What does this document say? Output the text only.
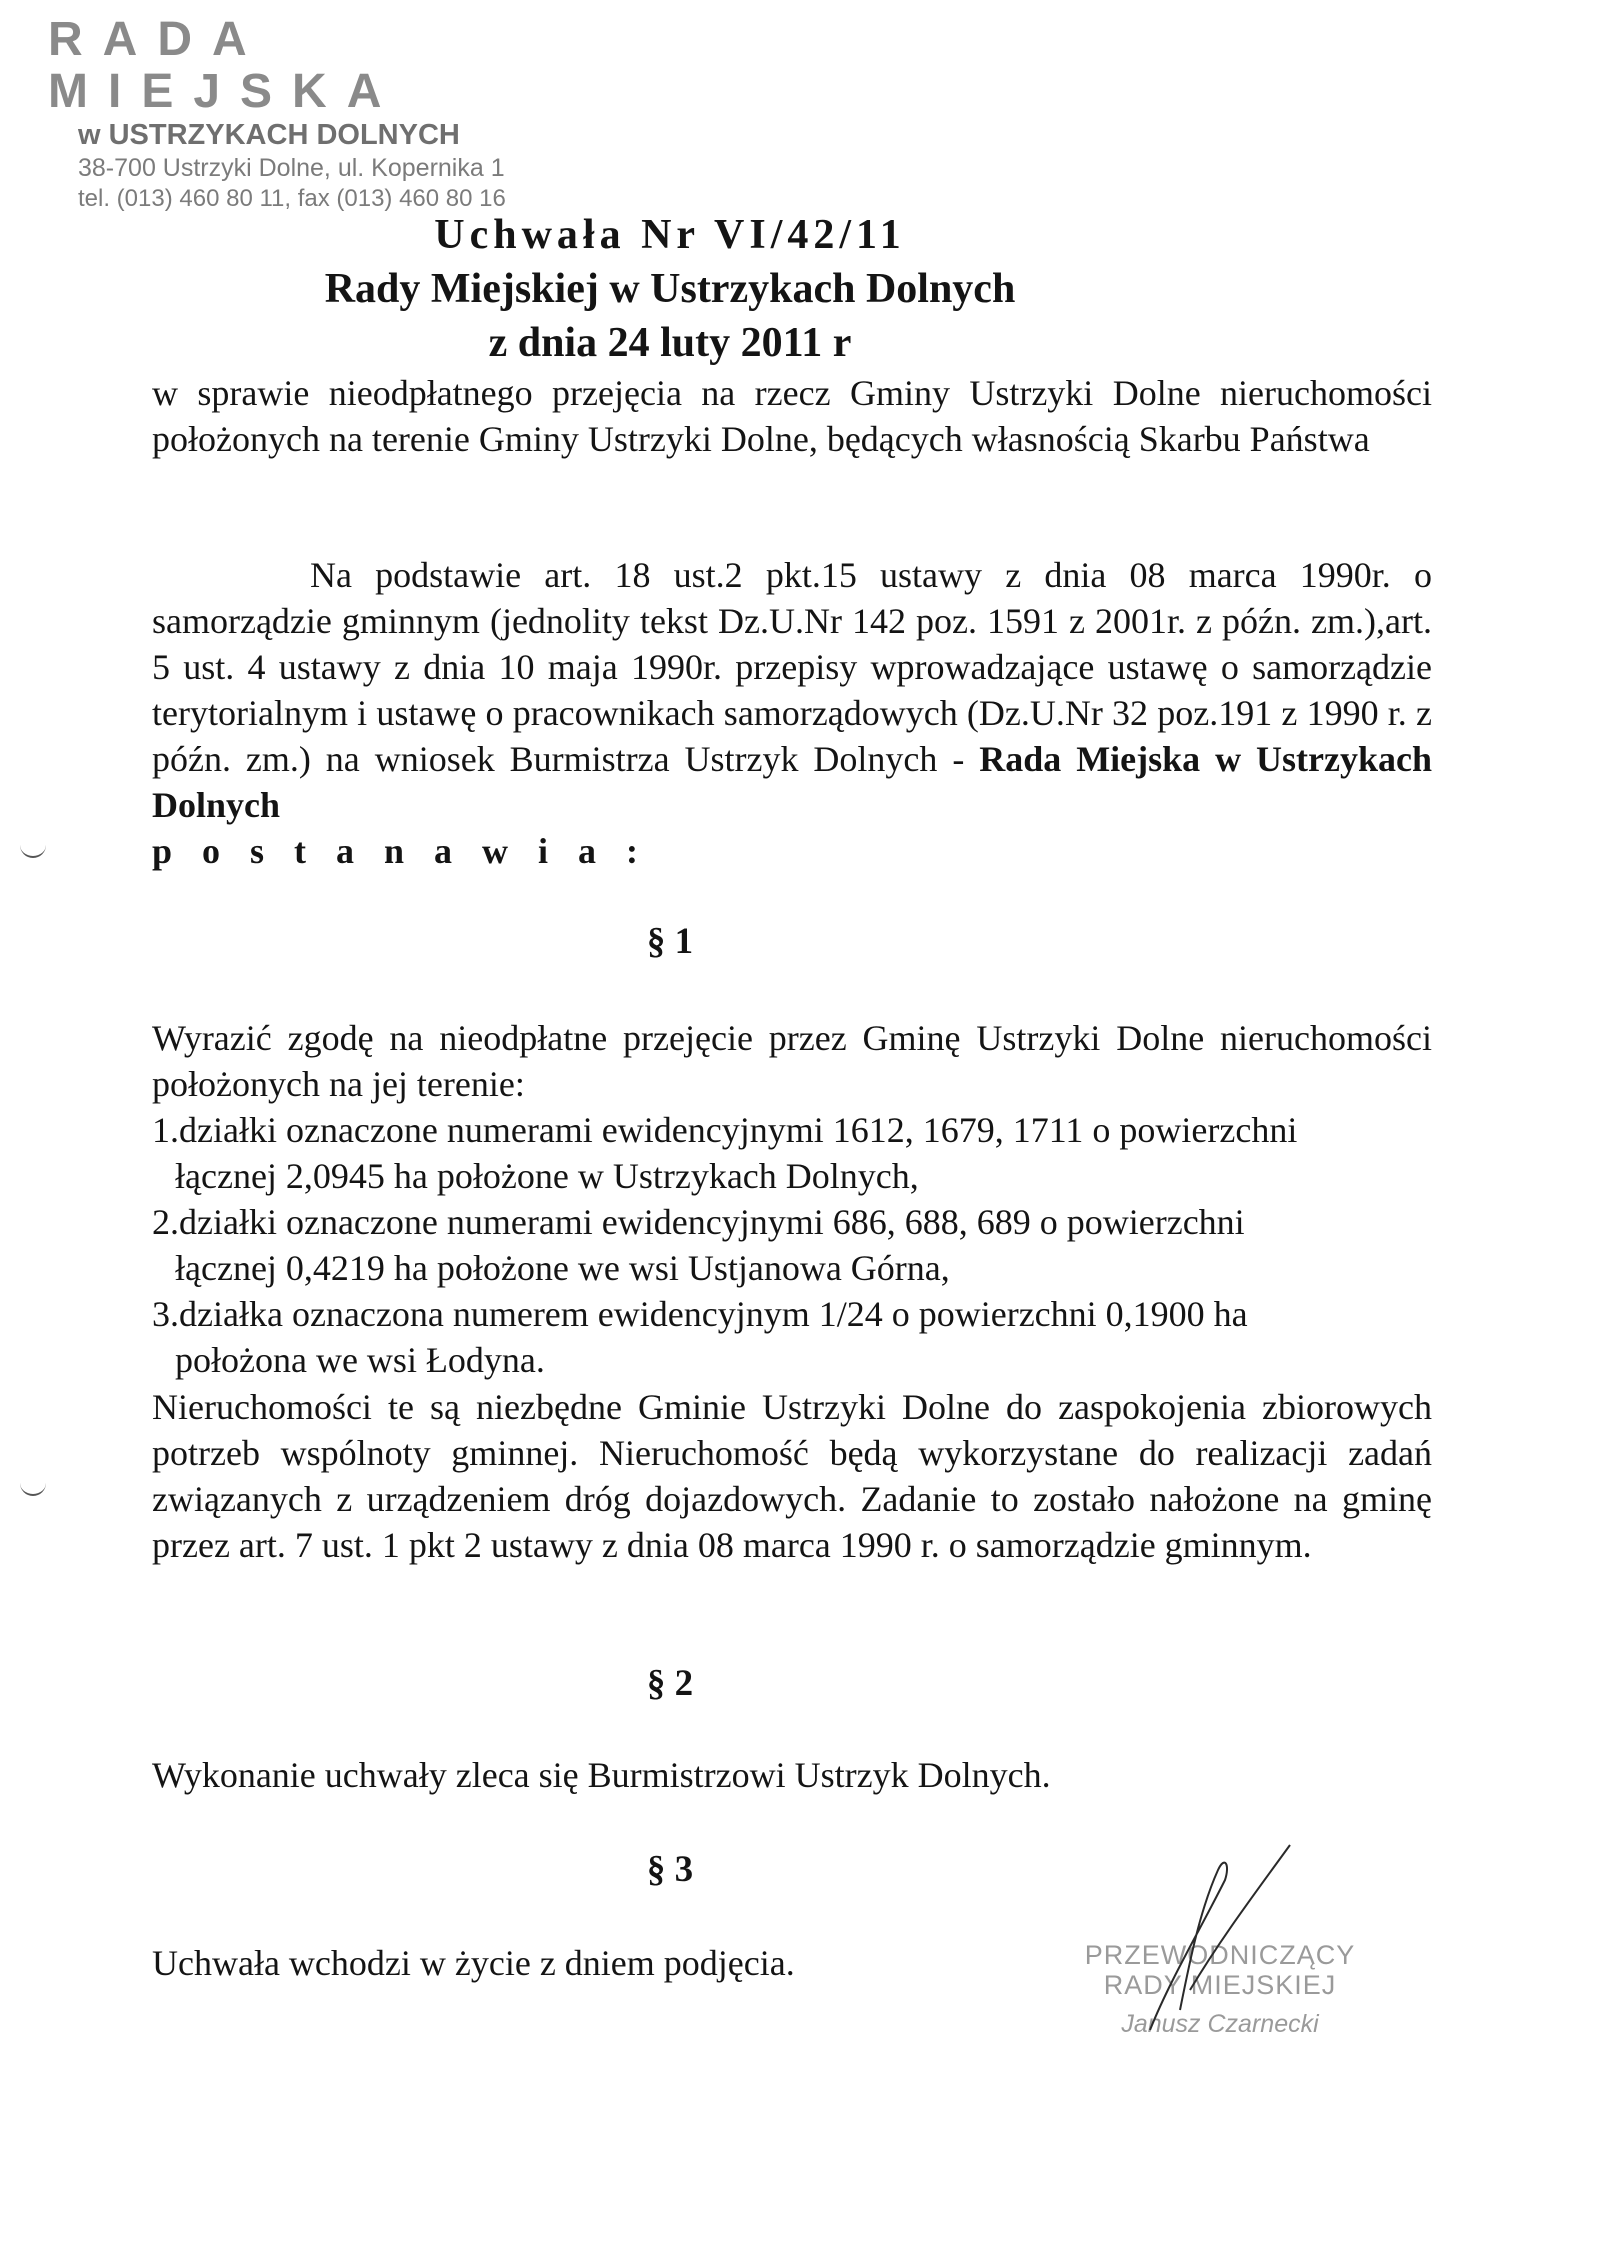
RADA MIEJSKA
w USTRZYKACH DOLNYCH
38-700 Ustrzyki Dolne, ul. Kopernika 1
tel. (013) 460 80 11, fax (013) 460 80 16
Uchwała Nr VI/42/11
Rady Miejskiej w Ustrzykach Dolnych
z dnia 24 luty 2011 r
w sprawie nieodpłatnego przejęcia na rzecz Gminy Ustrzyki Dolne nieruchomości położonych na terenie Gminy Ustrzyki Dolne, będących własnością Skarbu Państwa
Na podstawie art. 18 ust.2 pkt.15 ustawy z dnia 08 marca 1990r. o samorządzie gminnym (jednolity tekst Dz.U.Nr 142 poz. 1591 z 2001r. z późn. zm.),art. 5 ust. 4 ustawy z dnia 10 maja 1990r. przepisy wprowadzające ustawę o samorządzie terytorialnym i ustawę o pracownikach samorządowych (Dz.U.Nr 32 poz.191 z 1990 r. z późn. zm.) na wniosek Burmistrza Ustrzyk Dolnych - Rada Miejska w Ustrzykach Dolnych
postanawia:
§ 1
Wyrazić zgodę na nieodpłatne przejęcie przez Gminę Ustrzyki Dolne nieruchomości położonych na jej terenie:
1.działki oznaczone numerami ewidencyjnymi 1612, 1679, 1711 o powierzchni
łącznej 2,0945 ha położone w Ustrzykach Dolnych,
2.działki oznaczone numerami ewidencyjnymi 686, 688, 689 o powierzchni
łącznej 0,4219 ha położone we wsi Ustjanowa Górna,
3.działka oznaczona numerem ewidencyjnym 1/24 o powierzchni 0,1900 ha
położona we wsi Łodyna.
Nieruchomości te są niezbędne Gminie Ustrzyki Dolne do zaspokojenia zbiorowych potrzeb wspólnoty gminnej. Nieruchomość będą wykorzystane do realizacji zadań związanych z urządzeniem dróg dojazdowych. Zadanie to zostało nałożone na gminę przez art. 7 ust. 1 pkt 2 ustawy z dnia 08 marca 1990 r. o samorządzie gminnym.
§ 2
Wykonanie uchwały zleca się Burmistrzowi Ustrzyk Dolnych.
§ 3
Uchwała wchodzi w życie z dniem podjęcia.	PRZEWODNICZĄCY
RADY MIEJSKIEJ
Janusz Czarnecki
